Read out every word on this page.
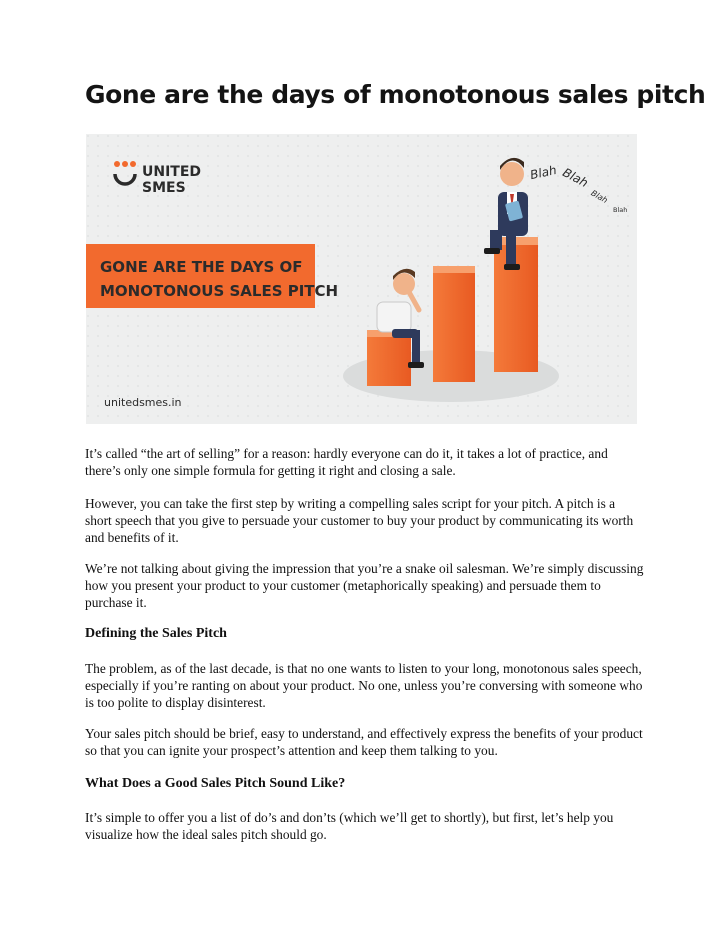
Gone are the days of monotonous sales pitch
UNITED
SMES
GONE ARE THE DAYS OF
MONOTONOUS SALES PITCH
unitedsmes.in
Blah Blah
Blah
Blah

It’s called “the art of selling” for a reason: hardly everyone can do it, it takes a lot of practice, and there’s only one simple formula for getting it right and closing a sale.

However, you can take the first step by writing a compelling sales script for your pitch. A pitch is a short speech that you give to persuade your customer to buy your product by communicating its worth and benefits of it.

We’re not talking about giving the impression that you’re a snake oil salesman. We’re simply discussing how you present your product to your customer (metaphorically speaking) and persuade them to purchase it.

Defining the Sales Pitch

The problem, as of the last decade, is that no one wants to listen to your long, monotonous sales speech, especially if you’re ranting on about your product. No one, unless you’re conversing with someone who is too polite to display disinterest.

Your sales pitch should be brief, easy to understand, and effectively express the benefits of your product so that you can ignite your prospect’s attention and keep them talking to you.

What Does a Good Sales Pitch Sound Like?

It’s simple to offer you a list of do’s and don’ts (which we’ll get to shortly), but first, let’s help you visualize how the ideal sales pitch should go.
